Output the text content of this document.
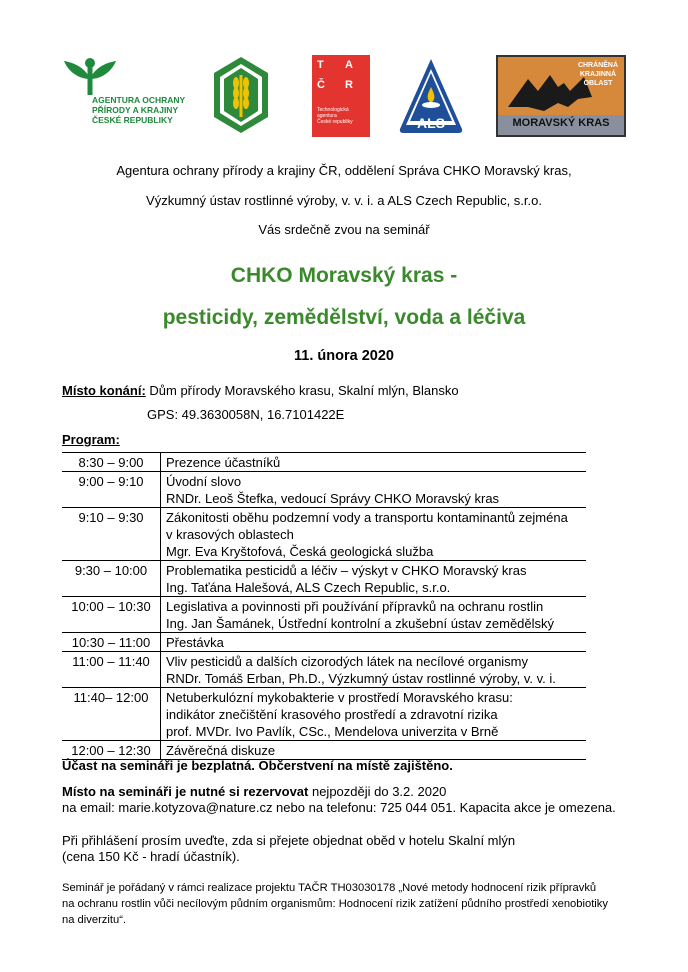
AGENTURA OCHRANY
PŘÍRODY A KRAJINY
ČESKÉ REPUBLIKY
T A
Č R
Technologická
agentura
České republiky	ALS
CHRÁNĚNÁ
KRAJINNÁ
OBLAST
MORAVSKÝ KRAS
Agentura ochrany přírody a krajiny ČR, oddělení Správa CHKO Moravský kras,
Výzkumný ústav rostlinné výroby, v. v. i. a ALS Czech Republic, s.r.o.
Vás srdečně zvou na seminář
CHKO Moravský kras -
pesticidy, zemědělství, voda a léčiva
11. února 2020
Místo konání: Dům přírody Moravského krasu, Skalní mlýn, Blansko
GPS: 49.3630058N, 16.7101422E
Program:
8:30 – 9:00	Prezence účastníků

9:00 – 9:10	Úvodní slovo
RNDr. Leoš Štefka, vedoucí Správy CHKO Moravský kras

9:10 – 9:30	Zákonitosti oběhu podzemní vody a transportu kontaminantů zejména
v krasových oblastech
Mgr. Eva Kryštofová, Česká geologická služba

9:30 – 10:00	Problematika pesticidů a léčiv – výskyt v CHKO Moravský kras
Ing. Taťána Halešová, ALS Czech Republic, s.r.o.

10:00 – 10:30	Legislativa a povinnosti při používání přípravků na ochranu rostlin
Ing. Jan Šamánek, Ústřední kontrolní a zkušební ústav zemědělský

10:30 – 11:00	Přestávka

11:00 – 11:40	Vliv pesticidů a dalších cizorodých látek na necílové organismy
RNDr. Tomáš Erban, Ph.D., Výzkumný ústav rostlinné výroby, v. v. i.

11:40– 12:00	Netuberkulózní mykobakterie v prostředí Moravského krasu:
indikátor znečištění krasového prostředí a zdravotní rizika
prof. MVDr. Ivo Pavlík, CSc., Mendelova univerzita v Brně

12:00 – 12:30	Závěrečná diskuze
Účast na semináři je bezplatná. Občerstvení na místě zajištěno.
Místo na semináři je nutné si rezervovat nejpozději do 3.2. 2020
na email: marie.kotyzova@nature.cz nebo na telefonu: 725 044 051. Kapacita akce je omezena.
Při přihlášení prosím uveďte, zda si přejete objednat oběd v hotelu Skalní mlýn
(cena 150 Kč - hradí účastník).
Seminář je pořádaný v rámci realizace projektu TAČR TH03030178 „Nové metody hodnocení rizik přípravků
na ochranu rostlin vůči necílovým půdním organismům: Hodnocení rizik zatížení půdního prostředí xenobiotiky
na diverzitu“.
